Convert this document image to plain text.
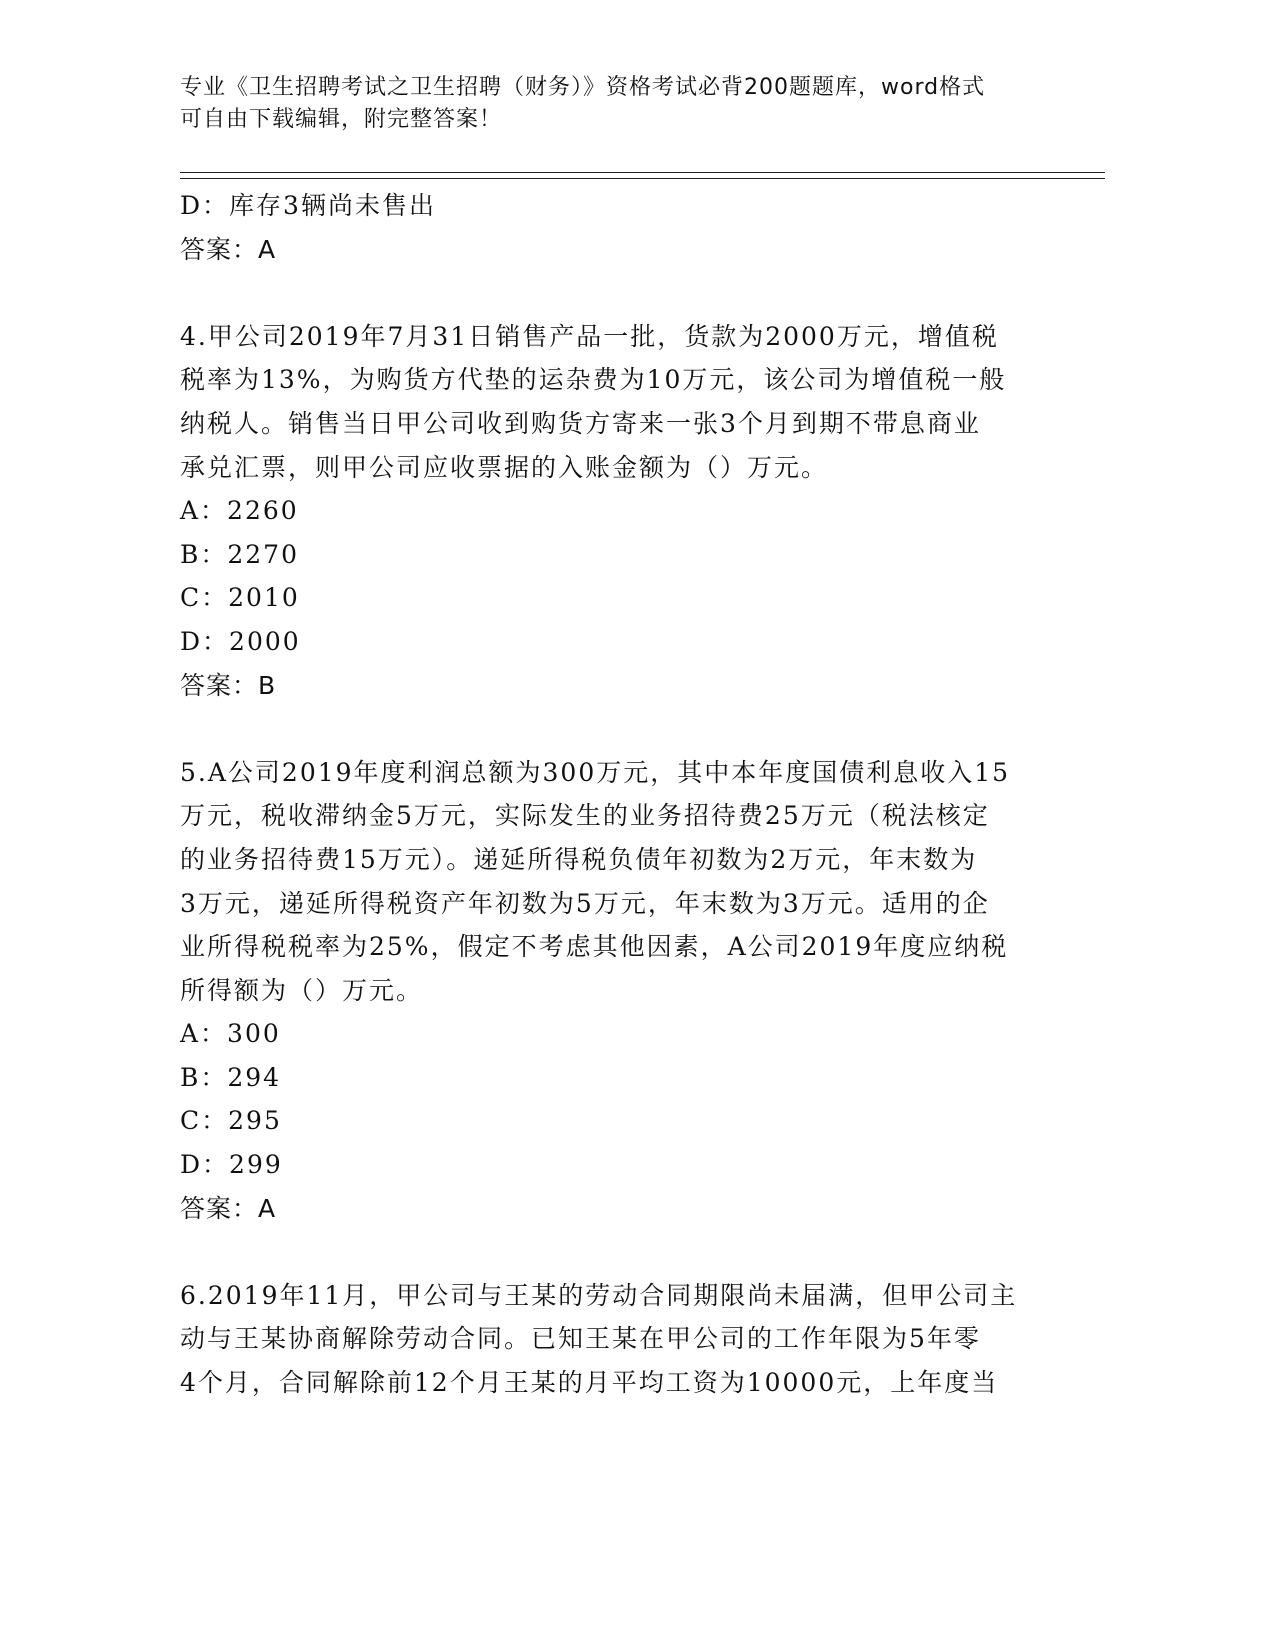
专业《卫生招聘考试之卫生招聘（财务）》资格考试必背200题题库，word格式
可自由下载编辑，附完整答案！
D：库存3辆尚未售出
答案：A
4.甲公司2019年7月31日销售产品一批，货款为2000万元，增值税
税率为13%，为购货方代垫的运杂费为10万元，该公司为增值税一般
纳税人。销售当日甲公司收到购货方寄来一张3个月到期不带息商业
承兑汇票，则甲公司应收票据的入账金额为（）万元。
A：2260
B：2270
C：2010
D：2000
答案：B
5.A公司2019年度利润总额为300万元，其中本年度国债利息收入15
万元，税收滞纳金5万元，实际发生的业务招待费25万元（税法核定
的业务招待费15万元）。递延所得税负债年初数为2万元，年末数为
3万元，递延所得税资产年初数为5万元，年末数为3万元。适用的企
业所得税税率为25%，假定不考虑其他因素，A公司2019年度应纳税
所得额为（）万元。
A：300
B：294
C：295
D：299
答案：A
6.2019年11月，甲公司与王某的劳动合同期限尚未届满，但甲公司主
动与王某协商解除劳动合同。已知王某在甲公司的工作年限为5年零
4个月，合同解除前12个月王某的月平均工资为10000元，上年度当
